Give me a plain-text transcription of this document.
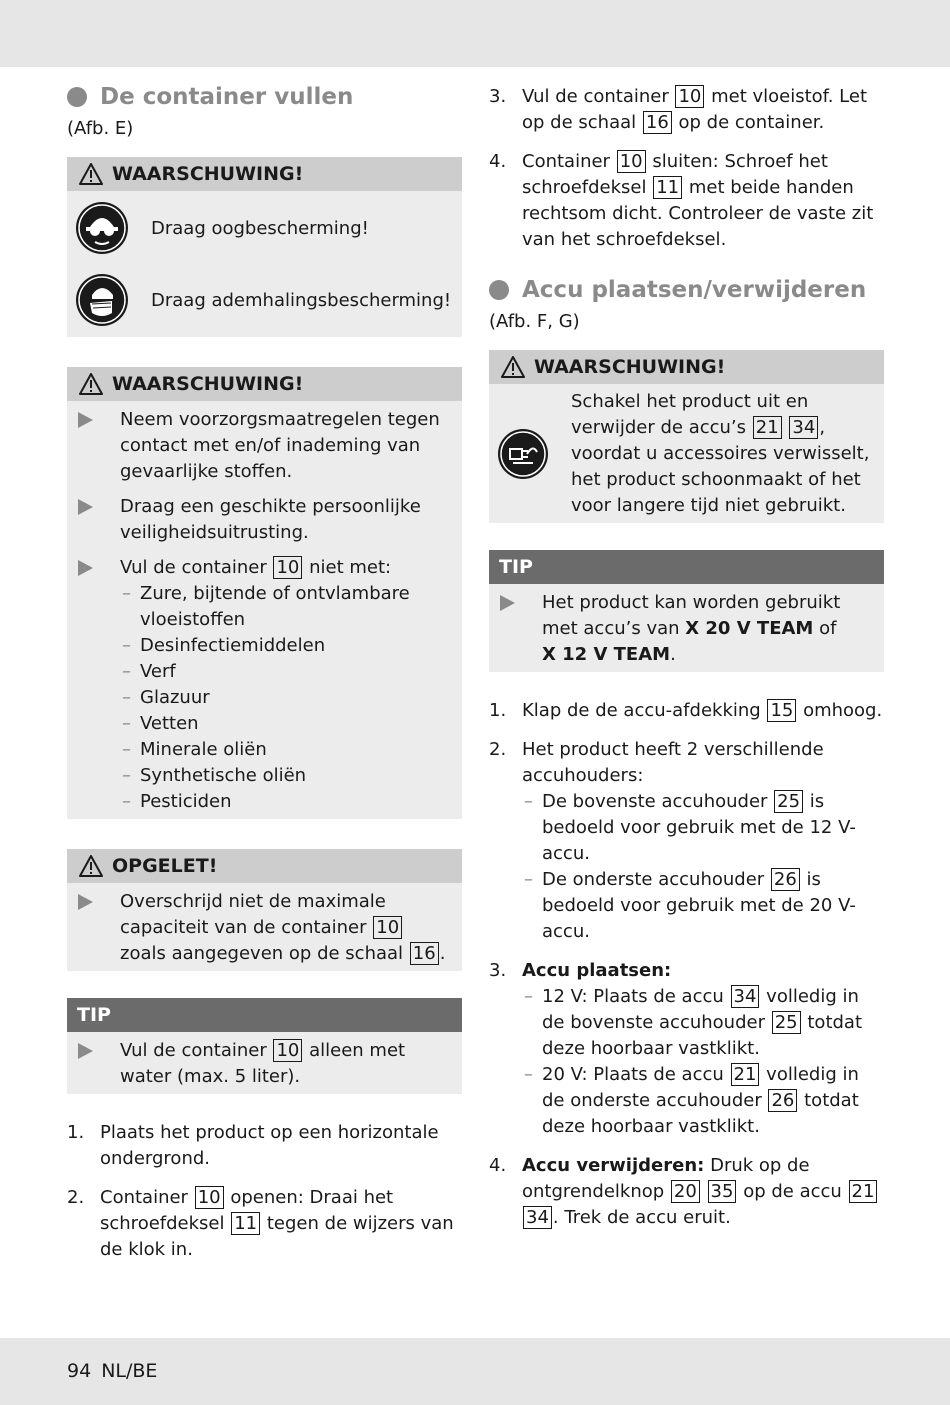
De container vullen
(Afb. E)
WAARSCHUWING!
Draag oogbescherming!
Draag ademhalingsbescherming!
WAARSCHUWING!
Neem voorzorgsmaatregelen tegen contact met en/of inademing van gevaarlijke stoffen.
Draag een geschikte persoonlijke veiligheidsuitrusting.
Vul de container 10 niet met:
– Zure, bijtende of ontvlambare vloeistoffen
– Desinfectiemiddelen
– Verf
– Glazuur
– Vetten
– Minerale oliën
– Synthetische oliën
– Pesticiden
OPGELET!
Overschrijd niet de maximale capaciteit van de container 10 zoals aangegeven op de schaal 16 .
TIP
Vul de container 10 alleen met water (max. 5 liter).
1. Plaats het product op een horizontale ondergrond.
2. Container 10 openen: Draai het schroefdeksel 11 tegen de wijzers van de klok in.
3. Vul de container 10 met vloeistof. Let op de schaal 16 op de container.
4. Container 10 sluiten: Schroef het schroefdeksel 11 met beide handen rechtsom dicht. Controleer de vaste zit van het schroefdeksel.
Accu plaatsen/verwijderen
(Afb. F, G)
WAARSCHUWING!
Schakel het product uit en verwijder de accu’s 21 34 , voordat u accessoires verwisselt, het product schoonmaakt of het voor langere tijd niet gebruikt.
TIP
Het product kan worden gebruikt met accu’s van X 20 V TEAM of
X 12 V TEAM.
1. Klap de de accu-afdekking 15 omhoog.
2. Het product heeft 2 verschillende accuhouders:
– De bovenste accuhouder 25 is bedoeld voor gebruik met de 12 V-accu.
– De onderste accuhouder 26 is bedoeld voor gebruik met de 20 V-accu.
3. Accu plaatsen:
– 12 V: Plaats de accu 34 volledig in de bovenste accuhouder 25 totdat deze hoorbaar vastklikt.
– 20 V: Plaats de accu 21 volledig in de onderste accuhouder 26 totdat deze hoorbaar vastklikt.
4. Accu verwijderen: Druk op de ontgrendelknop 20 35 op de accu 21 34 . Trek de accu eruit.
94 NL/BE
